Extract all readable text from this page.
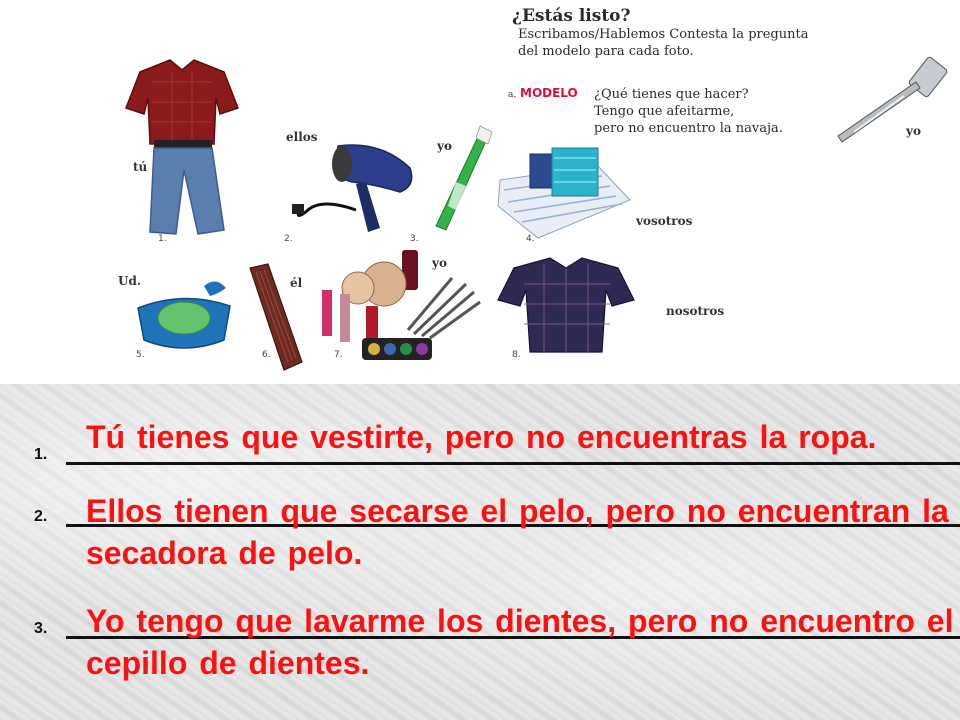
¿Estás listo?
Escribamos/Hablemos Contesta la pregunta
del modelo para cada foto.
a. MODELO ¿Qué tienes que hacer?
Tengo que afeitarme,
pero no encuentro la navaja.
tú
1.
ellos
2.
yo
3.
vosotros
4.
yo
Ud.
5.
él
6.
yo
7.
nosotros
8.
1. Tú tienes que vestirte, pero no encuentras la ropa.
2. Ellos tienen que secarse el pelo, pero no encuentran la secadora de pelo.
3. Yo tengo que lavarme los dientes, pero no encuentro el cepillo de dientes.
